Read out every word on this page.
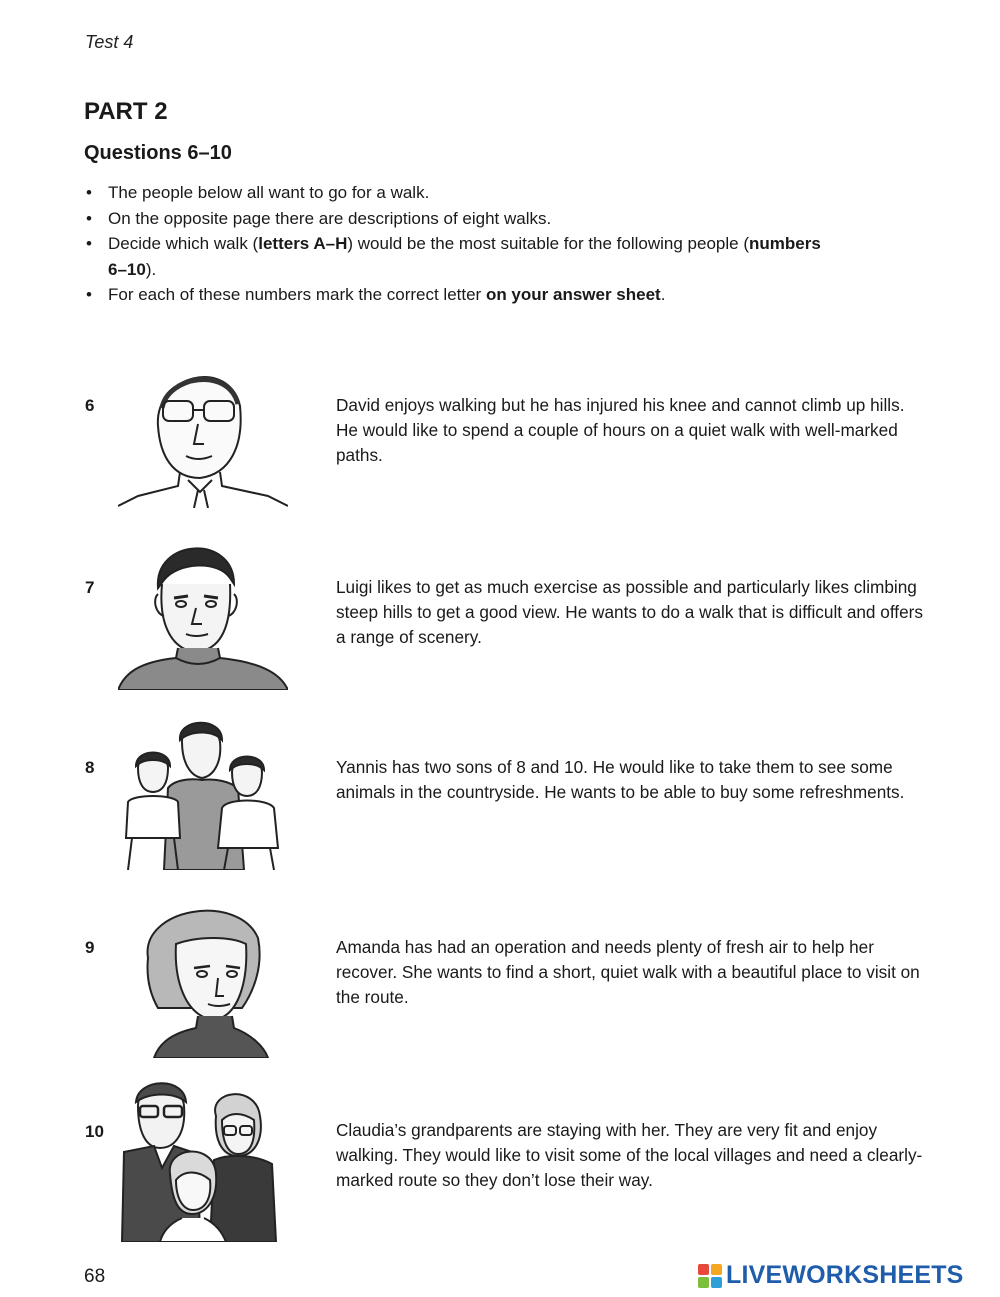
Test 4
PART 2
Questions 6–10
• The people below all want to go for a walk.
• On the opposite page there are descriptions of eight walks.
• Decide which walk (letters A–H) would be the most suitable for the following people (numbers 6–10).
• For each of these numbers mark the correct letter on your answer sheet.
6	David enjoys walking but he has injured his knee and cannot climb up hills. He would like to spend a couple of hours on a quiet walk with well-marked paths.
7	Luigi likes to get as much exercise as possible and particularly likes climbing steep hills to get a good view. He wants to do a walk that is difficult and offers a range of scenery.
8	Yannis has two sons of 8 and 10. He would like to take them to see some animals in the countryside. He wants to be able to buy some refreshments.
9	Amanda has had an operation and needs plenty of fresh air to help her recover. She wants to find a short, quiet walk with a beautiful place to visit on the route.
10	Claudia’s grandparents are staying with her. They are very fit and enjoy walking. They would like to visit some of the local villages and need a clearly-marked route so they don’t lose their way.
68	LIVEWORKSHEETS
